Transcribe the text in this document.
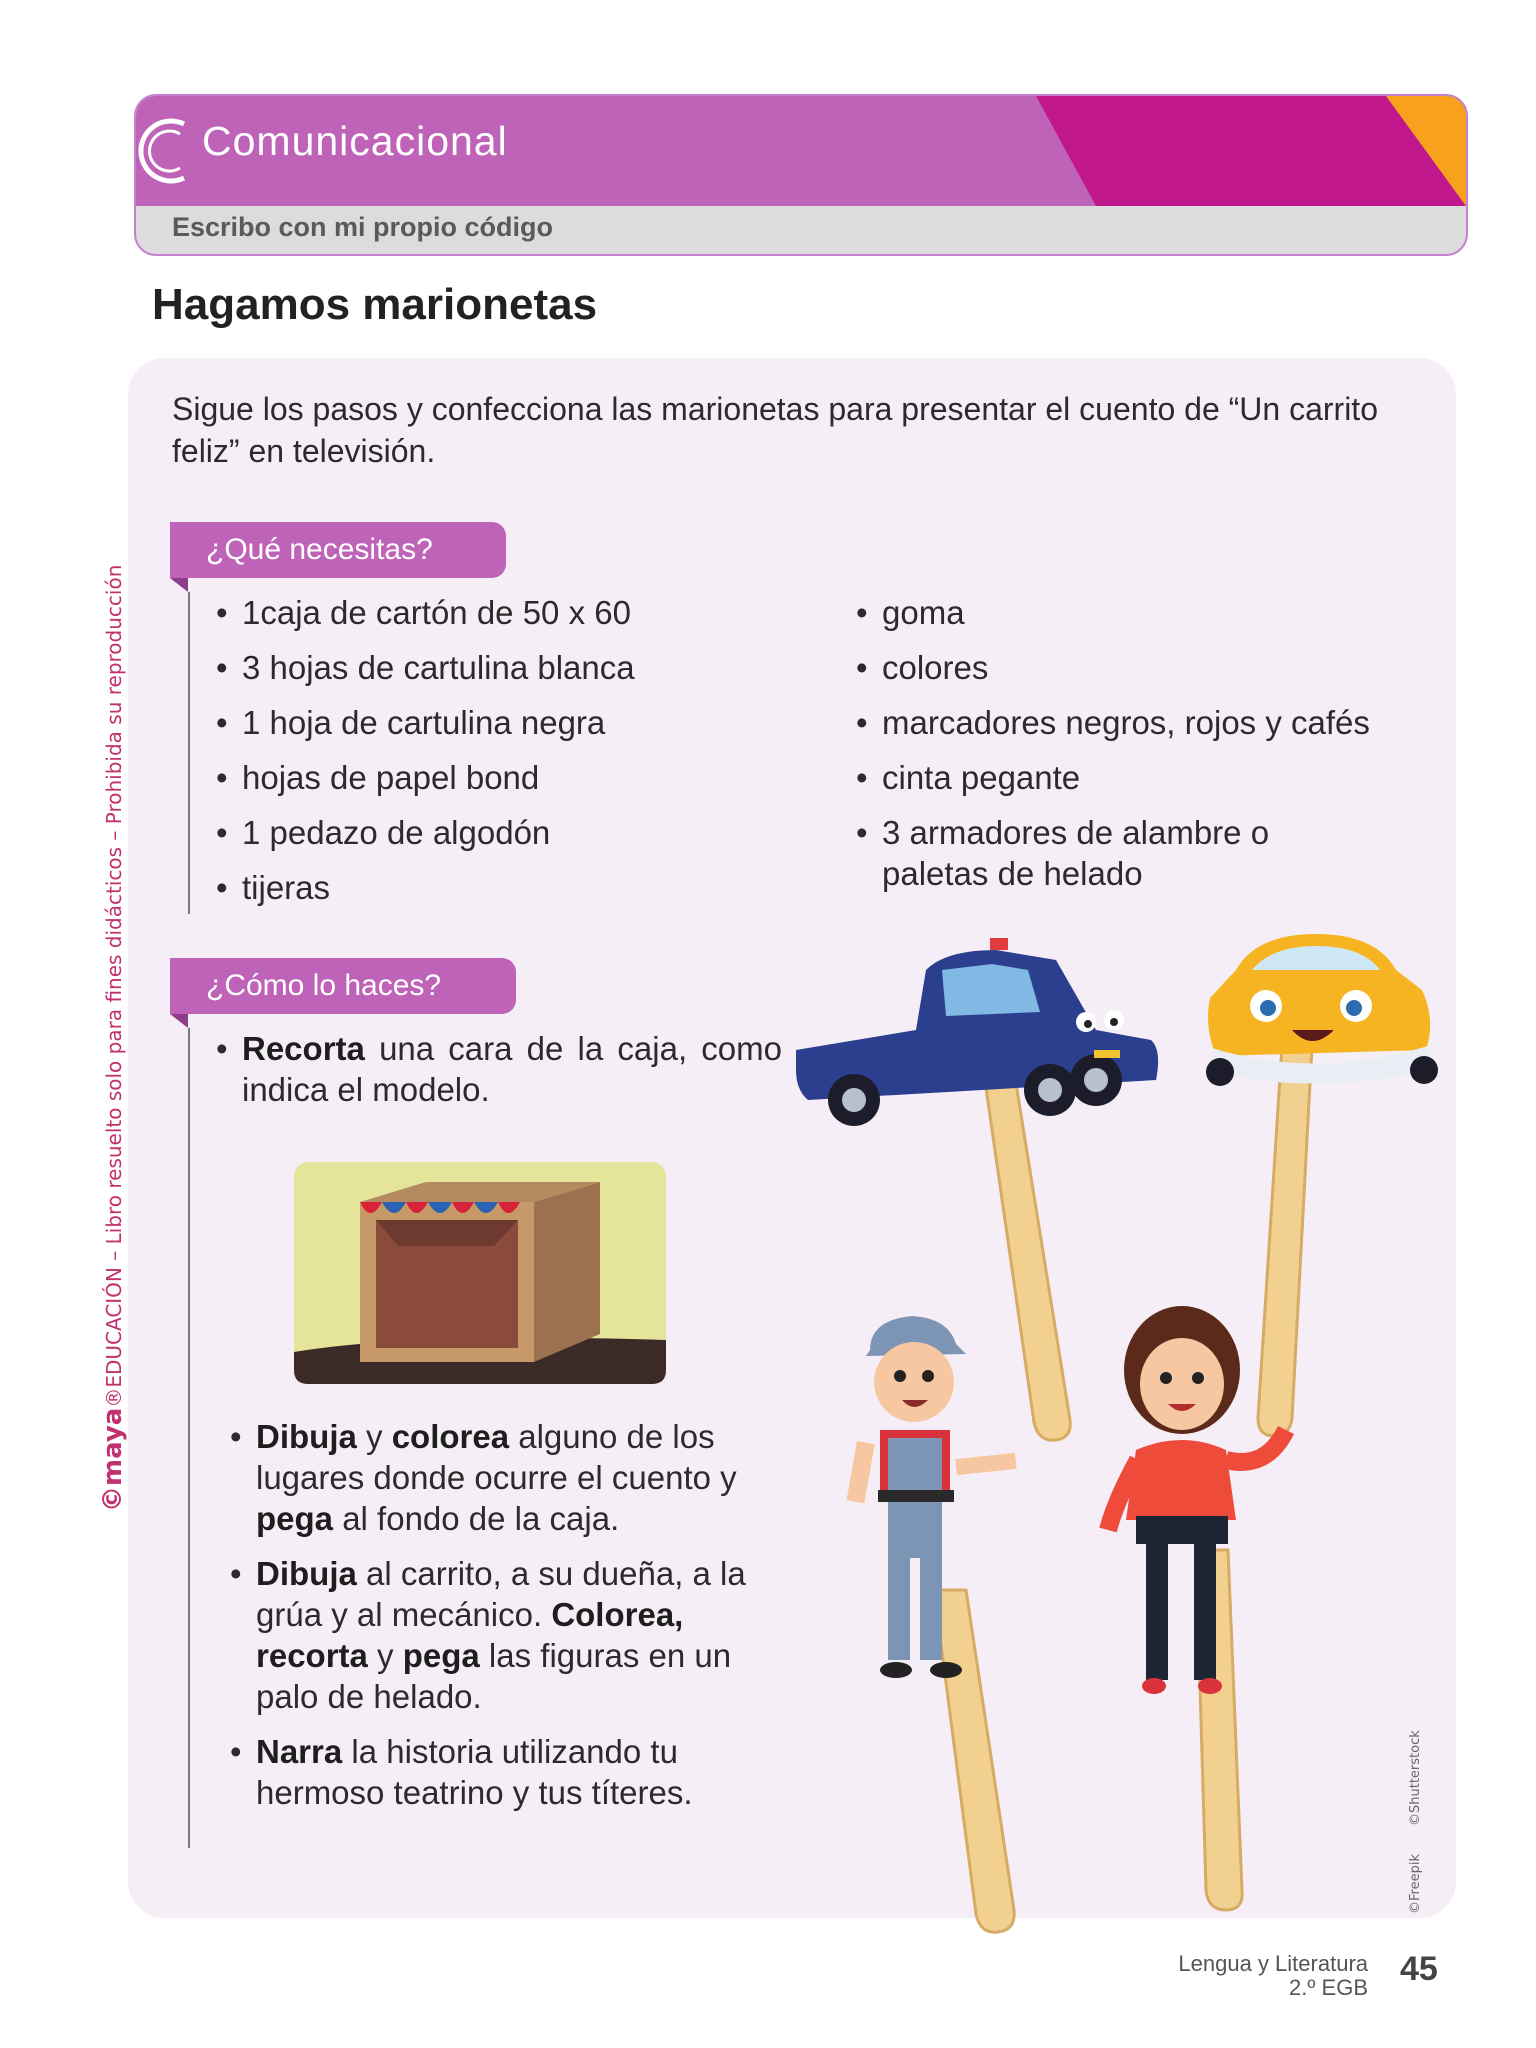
©maya®EDUCACIÓN – Libro resuelto solo para fines didácticos – Prohibida su reproducción
Comunicacional
Escribo con mi propio código
DUA
Participación
Hagamos marionetas
Sigue los pasos y confecciona las marionetas para presentar el cuento de “Un carrito feliz” en televisión.
¿Qué necesitas?
• 1caja de cartón de 50 x 60
• 3 hojas de cartulina blanca
• 1 hoja de cartulina negra
• hojas de papel bond
• 1 pedazo de algodón
• tijeras
• goma
• colores
• marcadores negros, rojos y cafés
• cinta pegante
• 3 armadores de alambre o paletas de helado
¿Cómo lo haces?
• Recorta una cara de la caja, como indica el modelo.
• Dibuja y colorea alguno de los lugares donde ocurre el cuento y pega al fondo de la caja.
• Dibuja al carrito, a su dueña, a la grúa y al mecánico. Colorea, recorta y pega las figuras en un palo de helado.
• Narra la historia utilizando tu hermoso teatrino y tus títeres.	©Shutterstock
©Freepik
Lengua y Literatura
2.º EGB 45
